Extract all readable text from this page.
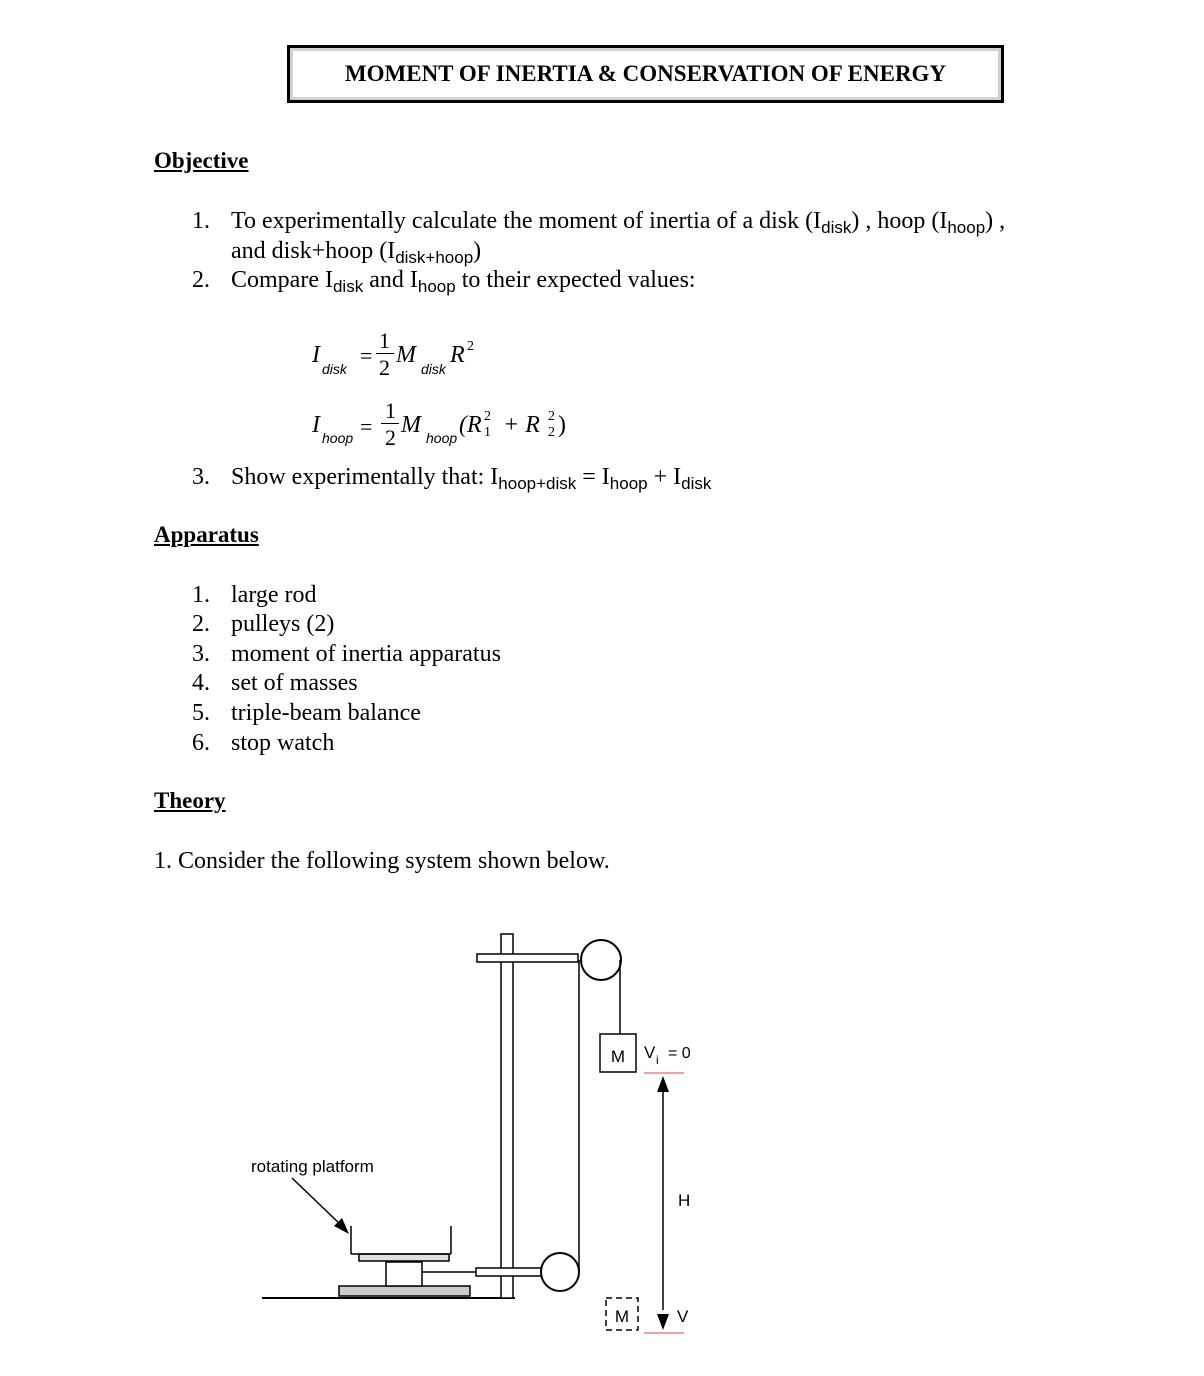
MOMENT OF INERTIA & CONSERVATION OF ENERGY
Objective
1. To experimentally calculate the moment of inertia of a disk $(I_{disk})$ , hoop $(I_{hoop})$ ,
and disk+hoop $(I_{disk+hoop})$
2. Compare $I_{disk}$ and $I_{hoop}$ to their expected values:
I
disk
=
1
2 M
disk
R 2
I hoop =
1
2 M hoop (R 2
1 + R 2
2 )
3. Show experimentally that: $I_{hoop+disk} = I_{hoop} + I_{disk}$
Apparatus
1. large rod
2. pulleys (2)
3. moment of inertia apparatus
4. set of masses
5. triple-beam balance
6. stop watch
Theory
1. Consider the following system shown below.
M V i = 0
H
M	V
rotating platform
